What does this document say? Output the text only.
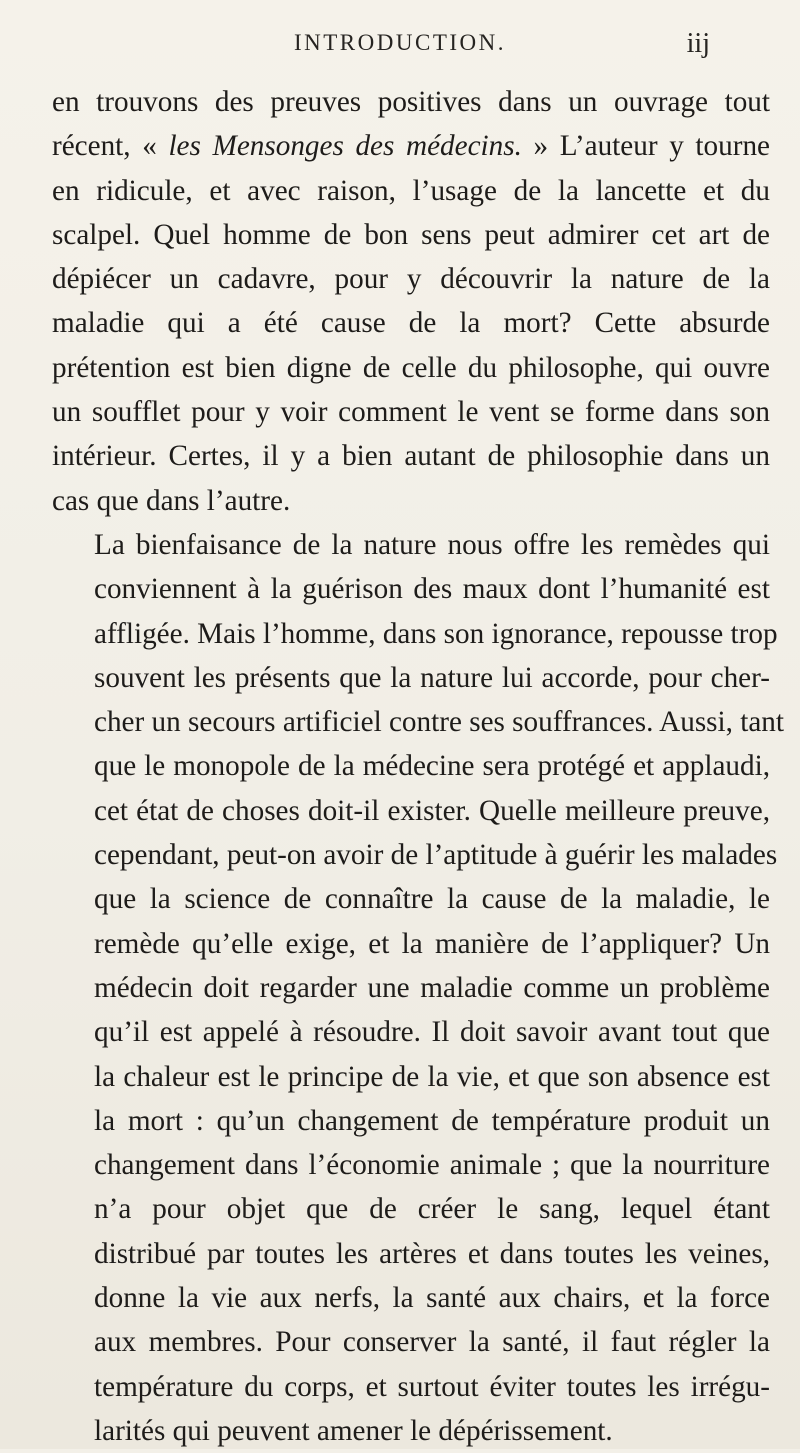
INTRODUCTION.	iij

en trouvons des preuves positives dans un ouvrage tout
récent, « les Mensonges des médecins. » L’auteur y tourne
en ridicule, et avec raison, l’usage de la lancette et du
scalpel. Quel homme de bon sens peut admirer cet art de
dépiécer un cadavre, pour y découvrir la nature de la
maladie qui a été cause de la mort? Cette absurde
prétention est bien digne de celle du philosophe, qui ouvre
un soufflet pour y voir comment le vent se forme dans son
intérieur. Certes, il y a bien autant de philosophie dans un
cas que dans l’autre.

La bienfaisance de la nature nous offre les remèdes qui
conviennent à la guérison des maux dont l’humanité est
affligée. Mais l’homme, dans son ignorance, repousse trop
souvent les présents que la nature lui accorde, pour cher-
cher un secours artificiel contre ses souffrances. Aussi, tant
que le monopole de la médecine sera protégé et applaudi,
cet état de choses doit-il exister. Quelle meilleure preuve,
cependant, peut-on avoir de l’aptitude à guérir les malades
que la science de connaître la cause de la maladie, le
remède qu’elle exige, et la manière de l’appliquer? Un
médecin doit regarder une maladie comme un problème
qu’il est appelé à résoudre. Il doit savoir avant tout que
la chaleur est le principe de la vie, et que son absence est
la mort : qu’un changement de température produit un
changement dans l’économie animale ; que la nourriture
n’a pour objet que de créer le sang, lequel étant
distribué par toutes les artères et dans toutes les veines,
donne la vie aux nerfs, la santé aux chairs, et la force
aux membres. Pour conserver la santé, il faut régler la
température du corps, et surtout éviter toutes les irrégu-
larités qui peuvent amener le dépérissement.
